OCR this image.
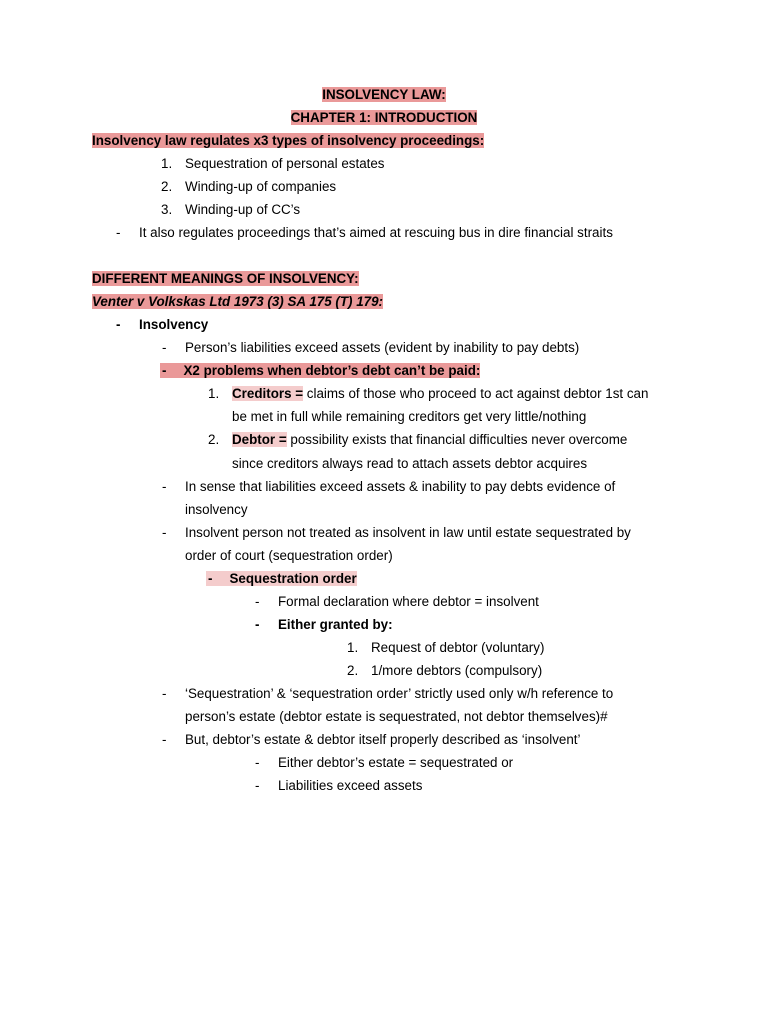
INSOLVENCY LAW:
CHAPTER 1: INTRODUCTION
Insolvency law regulates x3 types of insolvency proceedings:
1. Sequestration of personal estates
2. Winding-up of companies
3. Winding-up of CC’s
- It also regulates proceedings that’s aimed at rescuing bus in dire financial straits
DIFFERENT MEANINGS OF INSOLVENCY:
Venter v Volkskas Ltd 1973 (3) SA 175 (T) 179:
- Insolvency
- Person’s liabilities exceed assets (evident by inability to pay debts)
- X2 problems when debtor’s debt can’t be paid:
1. Creditors = claims of those who proceed to act against debtor 1st can
be met in full while remaining creditors get very little/nothing
2. Debtor = possibility exists that financial difficulties never overcome
since creditors always read to attach assets debtor acquires
- In sense that liabilities exceed assets & inability to pay debts evidence of
insolvency
- Insolvent person not treated as insolvent in law until estate sequestrated by
order of court (sequestration order)
- Sequestration order
- Formal declaration where debtor = insolvent
- Either granted by:
1. Request of debtor (voluntary)
2. 1/more debtors (compulsory)
- ‘Sequestration’ & ‘sequestration order’ strictly used only w/h reference to
person’s estate (debtor estate is sequestrated, not debtor themselves)#
- But, debtor’s estate & debtor itself properly described as ‘insolvent’
- Either debtor’s estate = sequestrated or
- Liabilities exceed assets
